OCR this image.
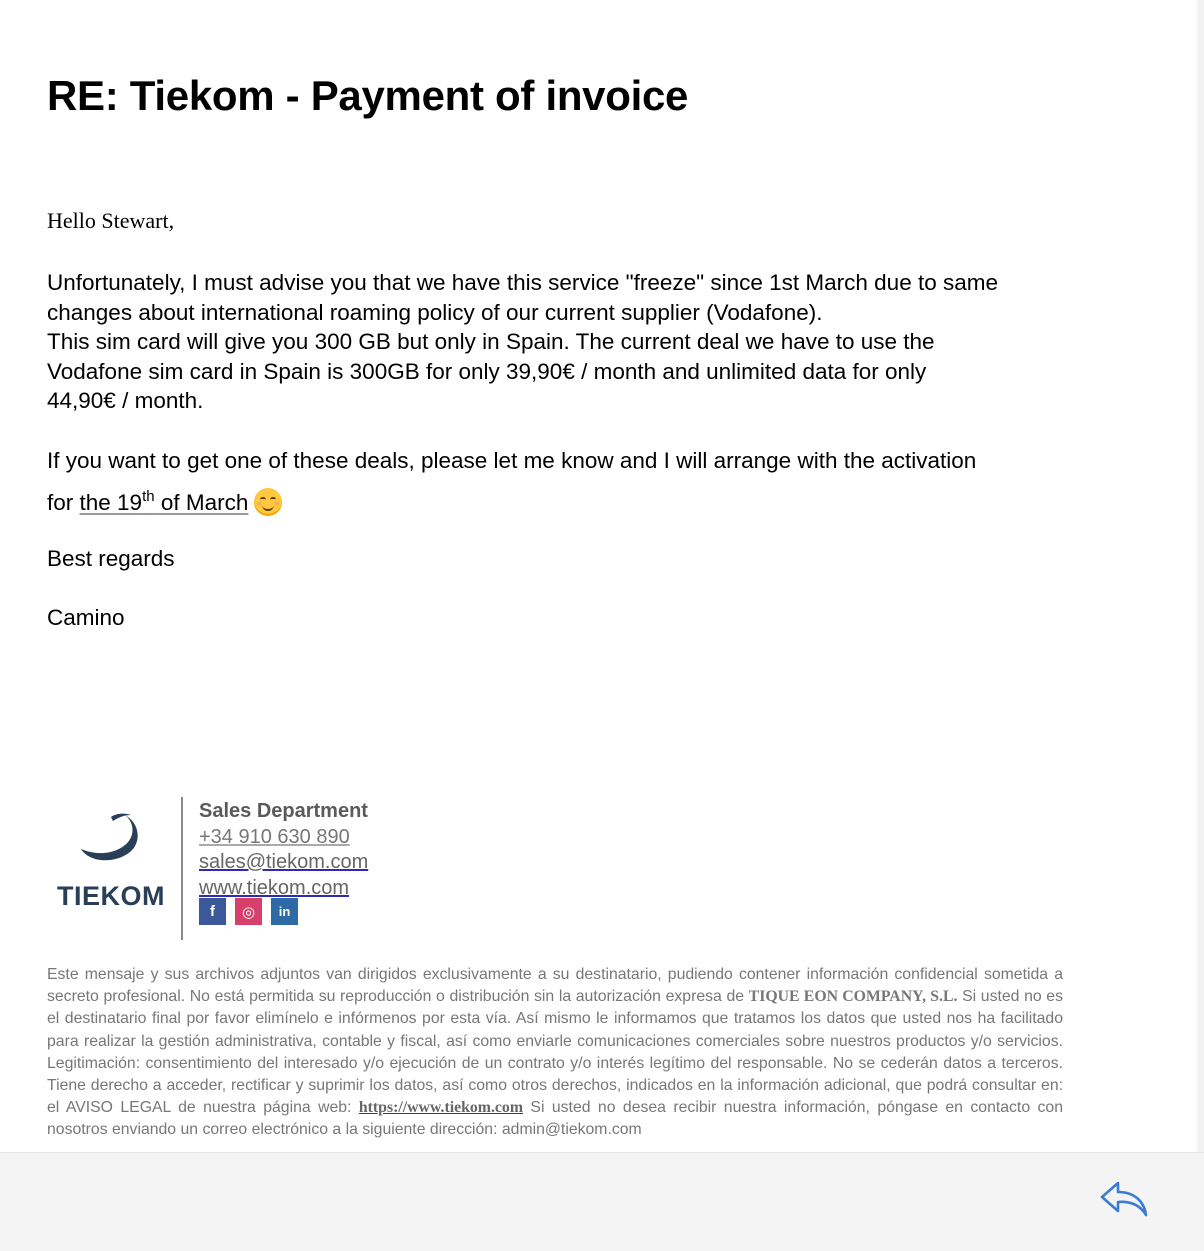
RE: Tiekom - Payment of invoice
Hello Stewart,
Unfortunately, I must advise you that we have this service "freeze" since 1st March due to same
changes about international roaming policy of our current supplier (Vodafone).
This sim card will give you 300 GB but only in Spain. The current deal we have to use the
Vodafone sim card in Spain is 300GB for only 39,90€ / month and unlimited data for only
44,90€ / month.
If you want to get one of these deals, please let me know and I will arrange with the activation
for the 19th of March
Best regards
Camino
TIEKOM
Sales Department
+34 910 630 890
sales@tiekom.com
www.tiekom.com
f	◎	in
Este mensaje y sus archivos adjuntos van dirigidos exclusivamente a su destinatario, pudiendo contener información confidencial sometida a secreto profesional. No está permitida su reproducción o distribución sin la autorización expresa de TIQUE EON COMPANY, S.L. Si usted no es el destinatario final por favor elimínelo e infórmenos por esta vía. Así mismo le informamos que tratamos los datos que usted nos ha facilitado para realizar la gestión administrativa, contable y fiscal, así como enviarle comunicaciones comerciales sobre nuestros productos y/o servicios. Legitimación: consentimiento del interesado y/o ejecución de un contrato y/o interés legítimo del responsable. No se cederán datos a terceros. Tiene derecho a acceder, rectificar y suprimir los datos, así como otros derechos, indicados en la información adicional, que podrá consultar en: el AVISO LEGAL de nuestra página web: https://www.tiekom.com Si usted no desea recibir nuestra información, póngase en contacto con nosotros enviando un correo electrónico a la siguiente dirección: admin@tiekom.com
